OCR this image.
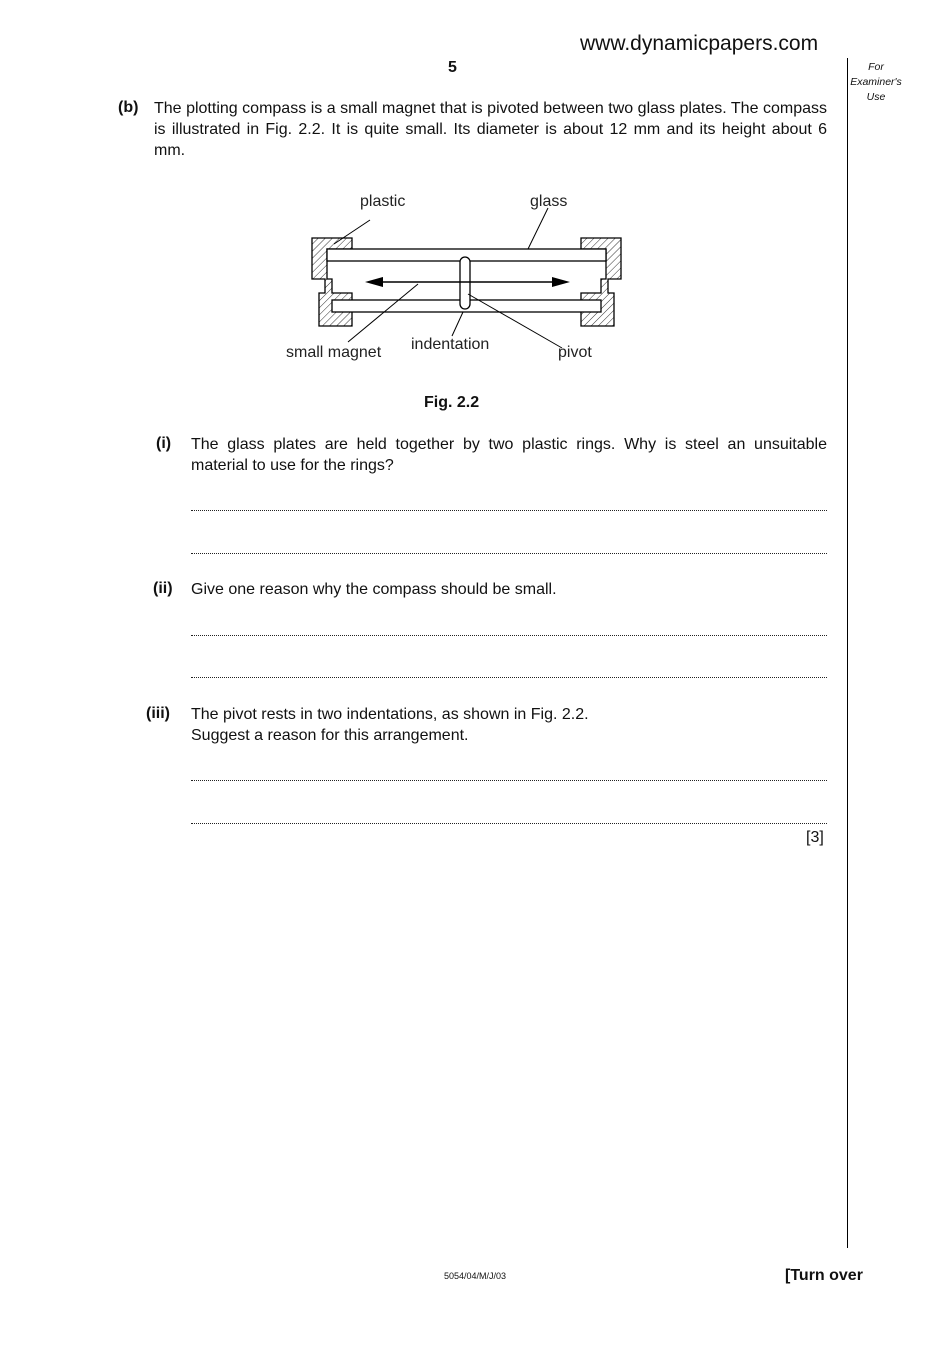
www.dynamicpapers.com
5	For
Examiner's
Use
(b) The plotting compass is a small magnet that is pivoted between two glass plates. The compass is illustrated in Fig. 2.2. It is quite small. Its diameter is about 12 mm and its height about 6 mm.
plastic	glass
small magnet indentation	pivot
Fig. 2.2
(i) The glass plates are held together by two plastic rings. Why is steel an unsuitable material to use for the rings?
(ii) Give one reason why the compass should be small.
(iii) The pivot rests in two indentations, as shown in Fig. 2.2.
Suggest a reason for this arrangement.
[3]
5054/04/M/J/03	[Turn over
